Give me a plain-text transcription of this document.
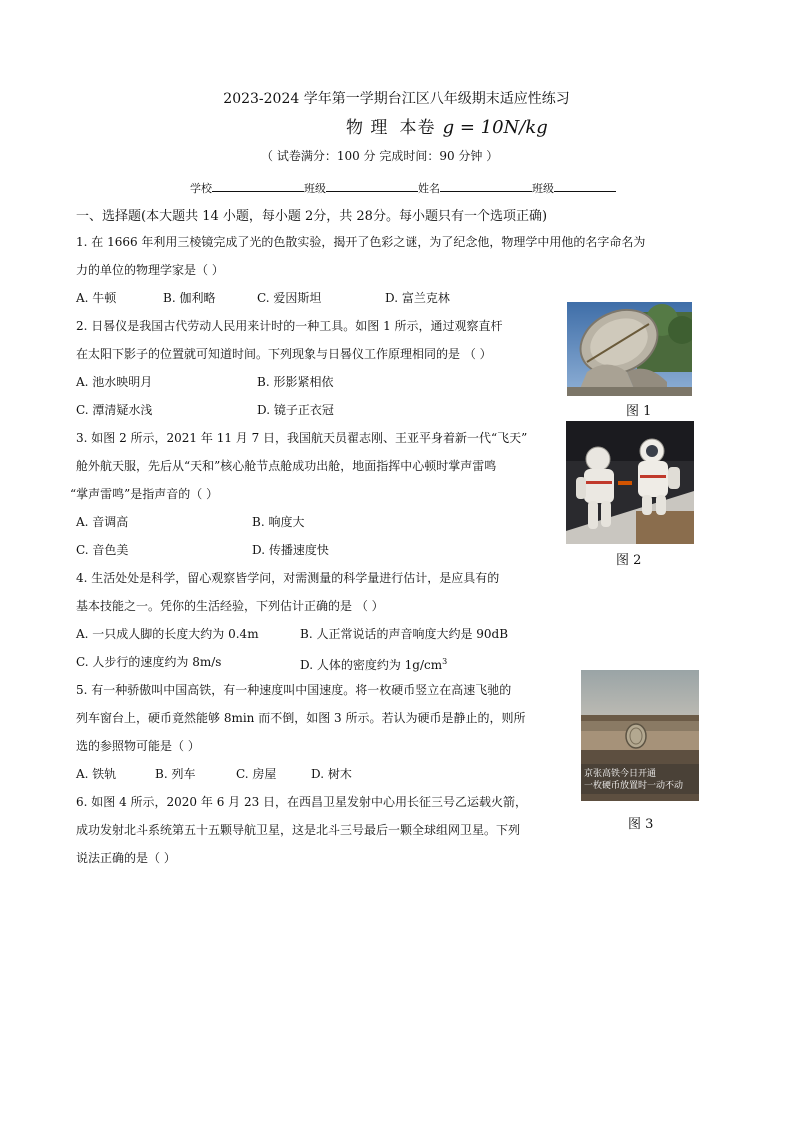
2023-2024 学年第一学期台江区八年级期末适应性练习
物 理 本卷 g = 10N/kg
（ 试卷满分：100 分 完成时间：90 分钟 ）
学校	班级	姓名	班级
一、选择题(本大题共 14 小题，每小题 2分，共 28分。每小题只有一个选项正确)
1. 在 1666 年利用三棱镜完成了光的色散实验，揭开了色彩之谜，为了纪念他，物理学中用他的名字命名为
力的单位的物理学家是（ ）
A. 牛顿	B. 伽利略	C. 爱因斯坦	D. 富兰克林
2. 日晷仪是我国古代劳动人民用来计时的一种工具。如图 1 所示，通过观察直杆
在太阳下影子的位置就可知道时间。下列现象与日晷仪工作原理相同的是 （ ）
A. 池水映明月	B. 形影紧相依
C. 潭清疑水浅	D. 镜子正衣冠	图 1
3. 如图 2 所示，2021 年 11 月 7 日，我国航天员翟志刚、王亚平身着新一代“飞天”
舱外航天服，先后从“天和”核心舱节点舱成功出舱，地面指挥中心顿时掌声雷鸣
“掌声雷鸣”是指声音的（ ）
A. 音调高	B. 响度大
C. 音色美	D. 传播速度快
图 2
4. 生活处处是科学，留心观察皆学问，对需测量的科学量进行估计，是应具有的
基本技能之一。凭你的生活经验，下列估计正确的是 （ ）
A. 一只成人脚的长度大约为 0.4m	B. 人正常说话的声音响度大约是 90dB
C. 人步行的速度约为 8m/s	D. 人体的密度约为 $1g/cm^3$
5. 有一种骄傲叫中国高铁，有一种速度叫中国速度。将一枚硬币竖立在高速飞驰的
列车窗台上，硬币竟然能够 8min 而不倒，如图 3 所示。若认为硬币是静止的，则所
选的参照物可能是（ ）
A. 铁轨	B. 列车	C. 房屋	D. 树木	京张高铁今日开通
一枚硬币放置时一动不动
图 3
6. 如图 4 所示，2020 年 6 月 23 日，在西昌卫星发射中心用长征三号乙运载火箭，
成功发射北斗系统第五十五颗导航卫星，这是北斗三号最后一颗全球组网卫星。下列
说法正确的是（ ）
